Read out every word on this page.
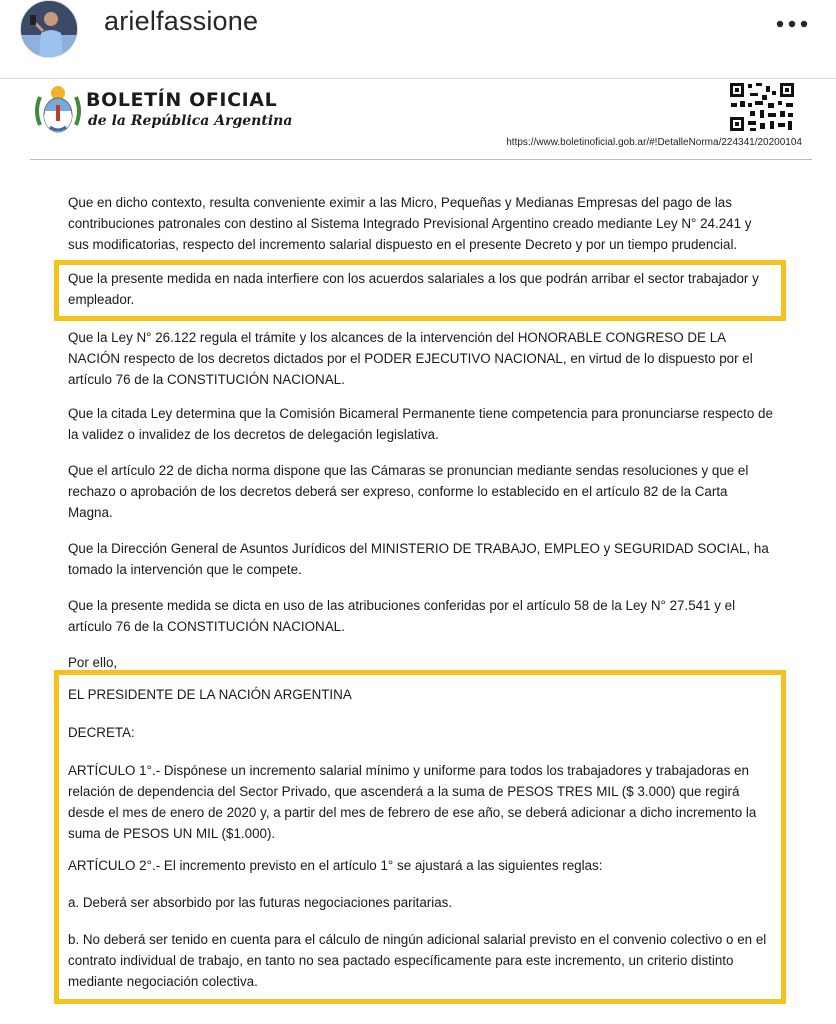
arielfassione
BOLETÍN OFICIAL
de la República Argentina
https://www.boletinoficial.gob.ar/#!DetalleNorma/224341/20200104

Que en dicho contexto, resulta conveniente eximir a las Micro, Pequeñas y Medianas Empresas del pago de las contribuciones patronales con destino al Sistema Integrado Previsional Argentino creado mediante Ley N° 24.241 y sus modificatorias, respecto del incremento salarial dispuesto en el presente Decreto y por un tiempo prudencial.

Que la presente medida en nada interfiere con los acuerdos salariales a los que podrán arribar el sector trabajador y empleador.

Que la Ley N° 26.122 regula el trámite y los alcances de la intervención del HONORABLE CONGRESO DE LA NACIÓN respecto de los decretos dictados por el PODER EJECUTIVO NACIONAL, en virtud de lo dispuesto por el artículo 76 de la CONSTITUCIÓN NACIONAL.

Que la citada Ley determina que la Comisión Bicameral Permanente tiene competencia para pronunciarse respecto de la validez o invalidez de los decretos de delegación legislativa.

Que el artículo 22 de dicha norma dispone que las Cámaras se pronuncian mediante sendas resoluciones y que el rechazo o aprobación de los decretos deberá ser expreso, conforme lo establecido en el artículo 82 de la Carta Magna.

Que la Dirección General de Asuntos Jurídicos del MINISTERIO DE TRABAJO, EMPLEO y SEGURIDAD SOCIAL, ha tomado la intervención que le compete.

Que la presente medida se dicta en uso de las atribuciones conferidas por el artículo 58 de la Ley N° 27.541 y el artículo 76 de la CONSTITUCIÓN NACIONAL.

Por ello,

EL PRESIDENTE DE LA NACIÓN ARGENTINA

DECRETA:

ARTÍCULO 1°.- Dispónese un incremento salarial mínimo y uniforme para todos los trabajadores y trabajadoras en relación de dependencia del Sector Privado, que ascenderá a la suma de PESOS TRES MIL ($ 3.000) que regirá desde el mes de enero de 2020 y, a partir del mes de febrero de ese año, se deberá adicionar a dicho incremento la suma de PESOS UN MIL ($1.000).

ARTÍCULO 2°.- El incremento previsto en el artículo 1° se ajustará a las siguientes reglas:

a. Deberá ser absorbido por las futuras negociaciones paritarias.

b. No deberá ser tenido en cuenta para el cálculo de ningún adicional salarial previsto en el convenio colectivo o en el contrato individual de trabajo, en tanto no sea pactado específicamente para este incremento, un criterio distinto mediante negociación colectiva.
